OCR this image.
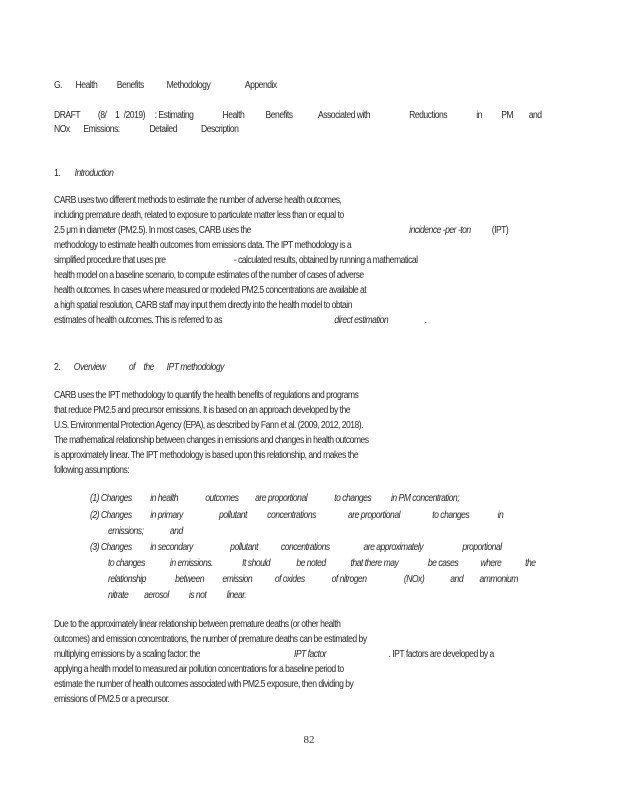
G. Health Benefits Methodology	Appendix
DRAFT (8/ 1 /2019) : Estimating	Health Benefits	Associated with	Reductions	in PM and
NOx Emissions:	Detailed Description
1. Introduction
CARB uses two different methods to estimate the number of adverse health outcomes,
including premature death, related to exposure to particulate matter less than or equal to
2.5 μm in diameter (PM2.5). In most cases, CARB uses the	incidence -per -ton (IPT)
methodology to estimate health outcomes from emissions data. The IPT methodology is a
simplified procedure that uses pre	- calculated results, obtained by running a mathematical
health model on a baseline scenario, to compute estimates of the number of cases of adverse
health outcomes. In cases where measured or modeled PM2.5 concentrations are available at
a high spatial resolution, CARB staff may input them directly into the health model to obtain
estimates of health outcomes. This is referred to as	direct estimation	.
2. Overview of the IPT methodology
CARB uses the IPT methodology to quantify the health benefits of regulations and programs
that reduce PM2.5 and precursor emissions. It is based on an approach developed by the
U.S. Environmental Protection Agency (EPA), as described by Fann et al. (2009, 2012, 2018).
The mathematical relationship between changes in emissions and changes in health outcomes
is approximately linear. The IPT methodology is based upon this relationship, and makes the
following assumptions:
(1) Changes in health	outcomes are proportional	to changes in PM concentration;
(2) Changes in primary	pollutant concentrations	are proportional	to changes	in
emissions;	and
(3) Changes in secondary	pollutant concentrations	are approximately	proportional
to changes in emissions.	It should	be noted that there may	be cases where the
relationship	between emission of oxides	of nitrogen	(NOx)	and ammonium
nitrate aerosol is not linear.
Due to the approximately linear relationship between premature deaths (or other health
outcomes) and emission concentrations, the number of premature deaths can be estimated by
multiplying emissions by a scaling factor: the	IPT factor	. IPT factors are developed by a
applying a health model to measured air pollution concentrations for a baseline period to
estimate the number of health outcomes associated with PM2.5 exposure, then dividing by
emissions of PM2.5 or a precursor.
82
